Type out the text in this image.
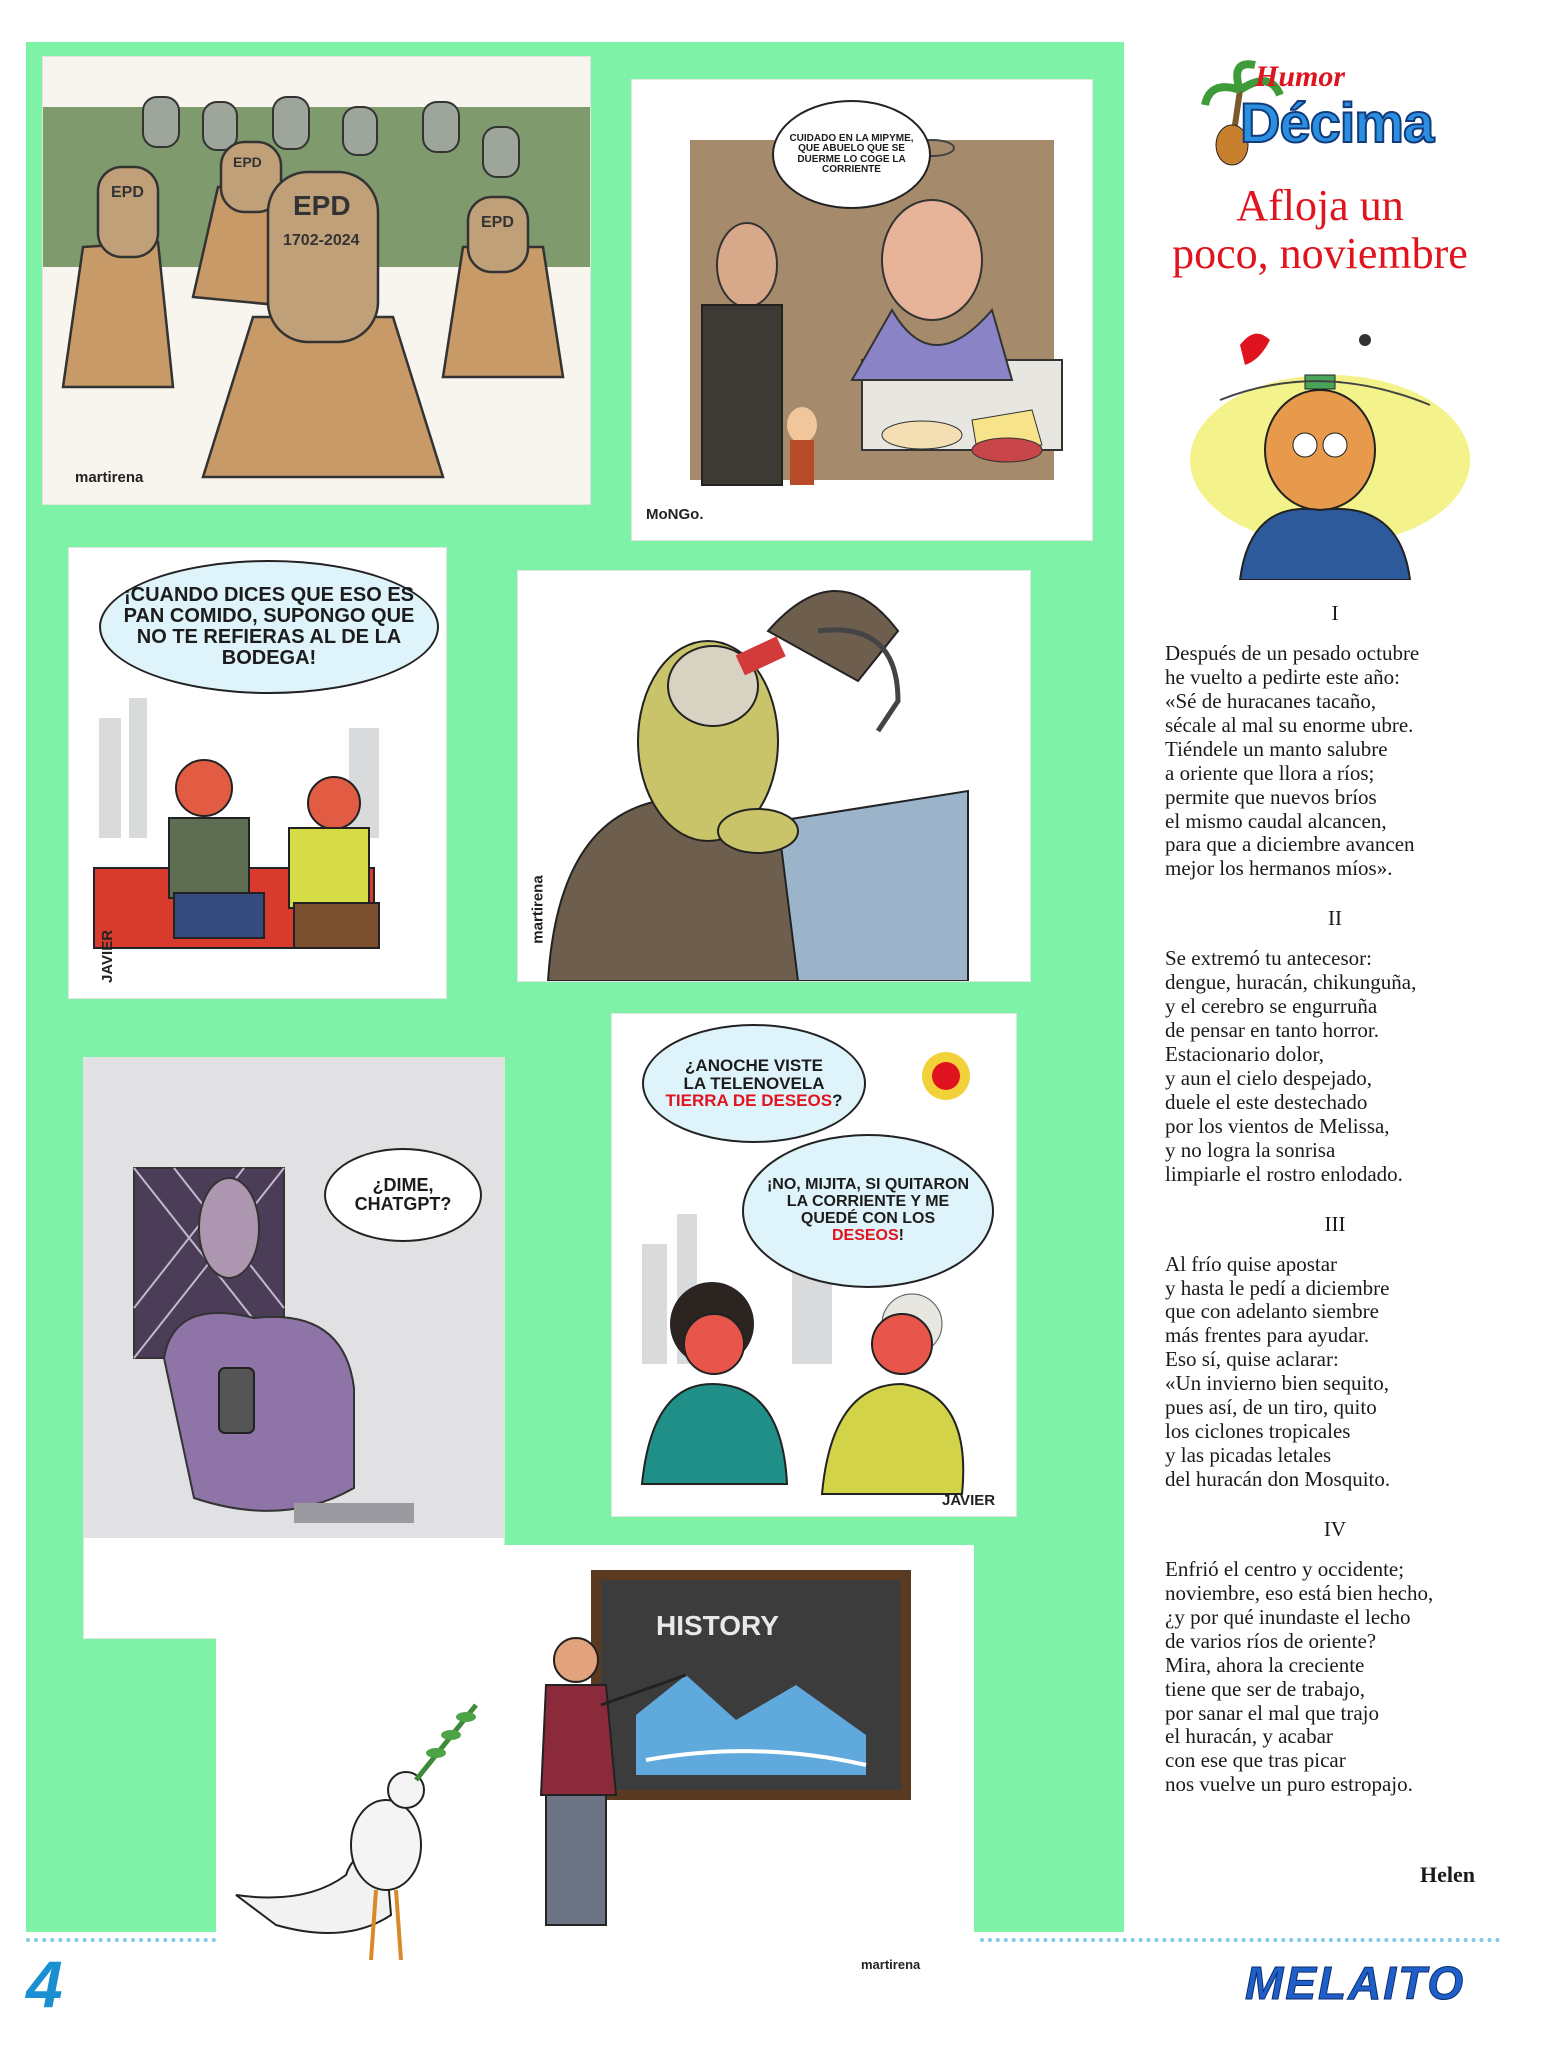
EPD
1702-2024
EPD
EPD
EPD
martirena
CUIDADO EN LA MIPYME, QUE ABUELO QUE SE DUERME LO COGE LA CORRIENTE
MoNGo.
¡CUANDO DICES QUE ESO ES PAN COMIDO, SUPONGO QUE NO TE REFIERAS AL DE LA BODEGA!
JAVIER
martirena
¿DIME, CHATGPT?
¿ANOCHE VISTE
LA TELENOVELA
TIERRA DE DESEOS?
¡NO, MIJITA, SI QUITARON LA CORRIENTE Y ME QUEDÉ CON LOS
DESEOS!
JAVIER
HISTORY
martirena
Humor
Décima
Afloja un
poco, noviembre
I
Después de un pesado octubre
he vuelto a pedirte este año:
«Sé de huracanes tacaño,
sécale al mal su enorme ubre.
Tiéndele un manto salubre
a oriente que llora a ríos;
permite que nuevos bríos
el mismo caudal alcancen,
para que a diciembre avancen
mejor los hermanos míos».
II
Se extremó tu antecesor:
dengue, huracán, chikunguña,
y el cerebro se engurruña
de pensar en tanto horror.
Estacionario dolor,
y aun el cielo despejado,
duele el este destechado
por los vientos de Melissa,
y no logra la sonrisa
limpiarle el rostro enlodado.
III
Al frío quise apostar
y hasta le pedí a diciembre
que con adelanto siembre
más frentes para ayudar.
Eso sí, quise aclarar:
«Un invierno bien sequito,
pues así, de un tiro, quito
los ciclones tropicales
y las picadas letales
del huracán don Mosquito.
IV
Enfrió el centro y occidente;
noviembre, eso está bien hecho,
¿y por qué inundaste el lecho
de varios ríos de oriente?
Mira, ahora la creciente
tiene que ser de trabajo,
por sanar el mal que trajo
el huracán, y acabar
con ese que tras picar
nos vuelve un puro estropajo.
Helen
4	MELAITO
